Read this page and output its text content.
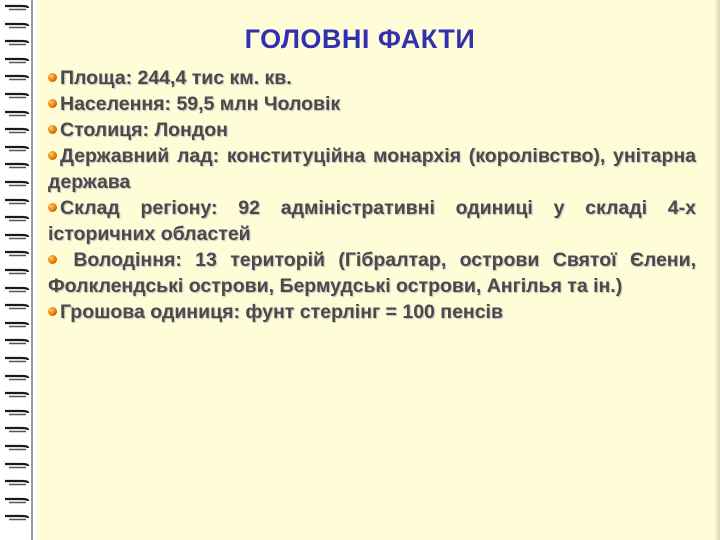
ГОЛОВНІ ФАКТИ
Площа: 244,4 тис км. кв.
Населення: 59,5 млн Чоловік
Столиця: Лондон
Державний лад: конституційна монархія (королівство), унітарна держава
Склад регіону: 92 адміністративні одиниці у складі 4-х історичних областей
Володіння: 13 територій (Гібралтар, острови Святої Єлени, Фолклендські острови, Бермудські острови, Ангілья та ін.)
Грошова одиниця: фунт стерлінг = 100 пенсів
